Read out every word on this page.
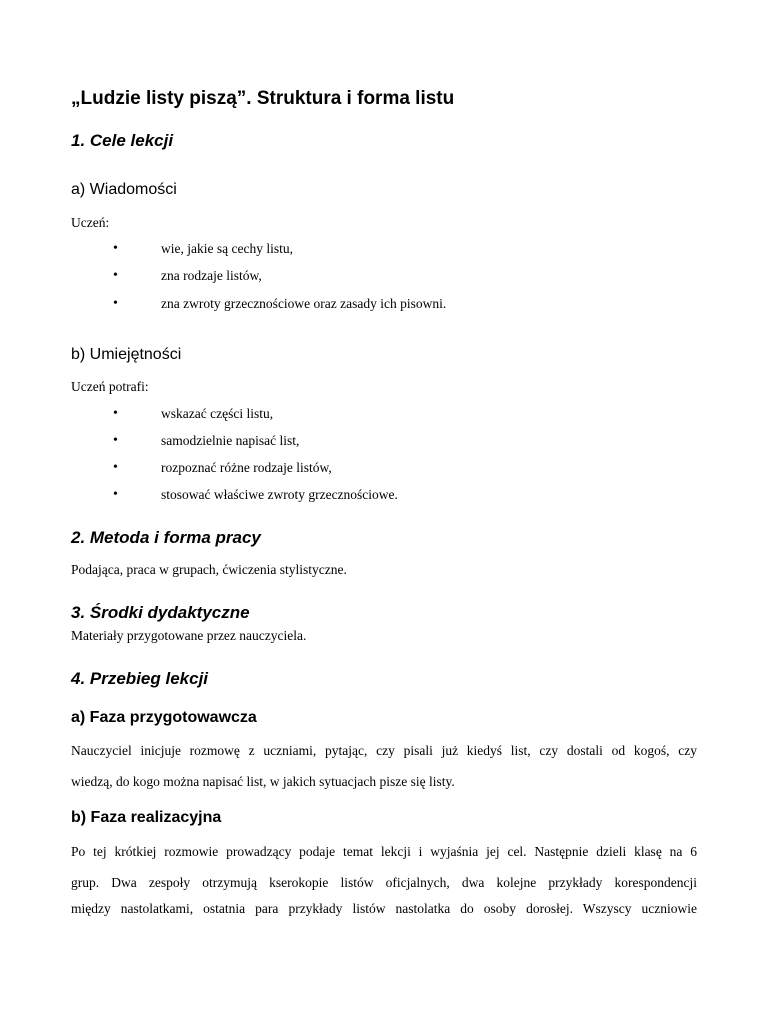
„Ludzie listy piszą”. Struktura i forma listu
1. Cele lekcji
a) Wiadomości
Uczeń:
•	wie, jakie są cechy listu,
•	zna rodzaje listów,
•	zna zwroty grzecznościowe oraz zasady ich pisowni.
b) Umiejętności
Uczeń potrafi:
•	wskazać części listu,
•	samodzielnie napisać list,
•	rozpoznać różne rodzaje listów,
•	stosować właściwe zwroty grzecznościowe.
2. Metoda i forma pracy
Podająca, praca w grupach, ćwiczenia stylistyczne.
3. Środki dydaktyczne
Materiały przygotowane przez nauczyciela.
4. Przebieg lekcji
a) Faza przygotowawcza
Nauczyciel inicjuje rozmowę z uczniami, pytając, czy pisali już kiedyś list, czy dostali od kogoś, czy
wiedzą, do kogo można napisać list, w jakich sytuacjach pisze się listy.
b) Faza realizacyjna
Po tej krótkiej rozmowie prowadzący podaje temat lekcji i wyjaśnia jej cel. Następnie dzieli klasę na 6
grup. Dwa zespoły otrzymują kserokopie listów oficjalnych, dwa kolejne przykłady korespondencji
między nastolatkami, ostatnia para przykłady listów nastolatka do osoby dorosłej. Wszyscy uczniowie
